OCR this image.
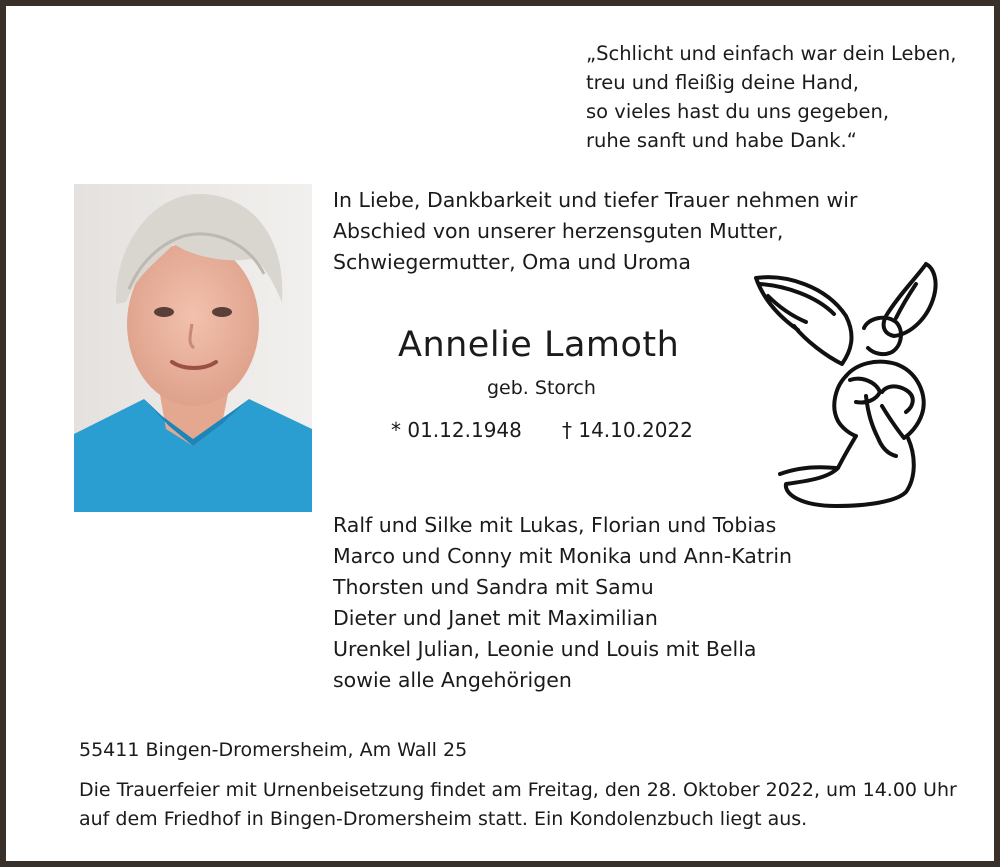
„Schlicht und einfach war dein Leben,
treu und fleißig deine Hand,
so vieles hast du uns gegeben,
ruhe sanft und habe Dank.“
In Liebe, Dankbarkeit und tiefer Trauer nehmen wir
Abschied von unserer herzensguten Mutter,
Schwiegermutter, Oma und Uroma
Annelie Lamoth
geb. Storch
* 01.12.1948 † 14.10.2022
Ralf und Silke mit Lukas, Florian und Tobias
Marco und Conny mit Monika und Ann-Katrin
Thorsten und Sandra mit Samu
Dieter und Janet mit Maximilian
Urenkel Julian, Leonie und Louis mit Bella
sowie alle Angehörigen
55411 Bingen-Dromersheim, Am Wall 25
Die Trauerfeier mit Urnenbeisetzung findet am Freitag, den 28. Oktober 2022, um 14.00 Uhr
auf dem Friedhof in Bingen-Dromersheim statt. Ein Kondolenzbuch liegt aus.
